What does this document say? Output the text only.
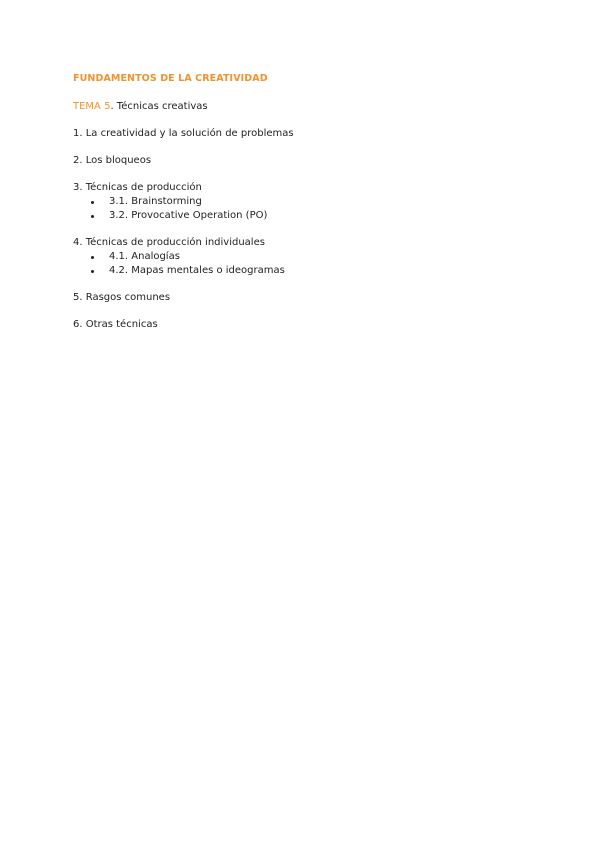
FUNDAMENTOS DE LA CREATIVIDAD
TEMA 5. Técnicas creativas
1. La creatividad y la solución de problemas
2. Los bloqueos
3. Técnicas de producción
3.1. Brainstorming
3.2. Provocative Operation (PO)
4. Técnicas de producción individuales
4.1. Analogías
4.2. Mapas mentales o ideogramas
5. Rasgos comunes
6. Otras técnicas
